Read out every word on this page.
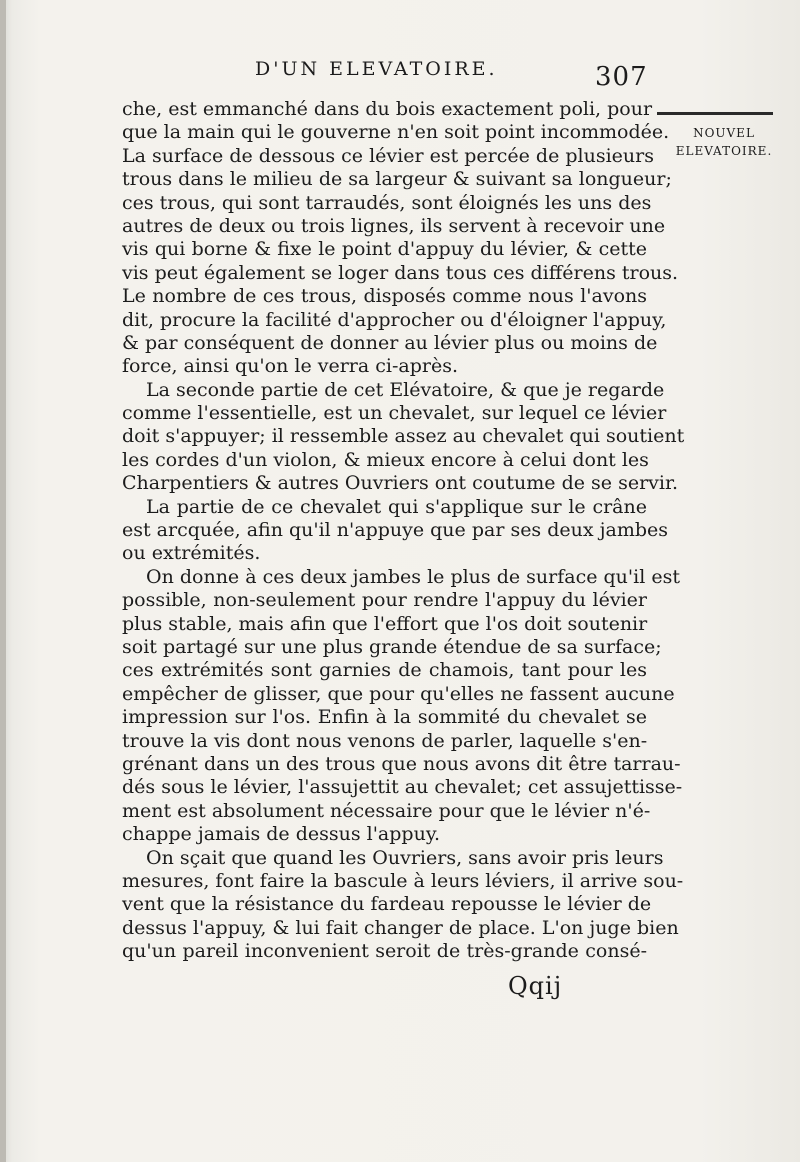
D'UN ELEVATOIRE.	307
NOUVEL
ELEVATOIRE.
che, est emmanché dans du bois exactement poli, pour
que la main qui le gouverne n'en soit point incommodée.
La surface de dessous ce lévier est percée de plusieurs
trous dans le milieu de sa largeur & suivant sa longueur;
ces trous, qui sont tarraudés, sont éloignés les uns des
autres de deux ou trois lignes, ils servent à recevoir une
vis qui borne & fixe le point d'appuy du lévier, & cette
vis peut également se loger dans tous ces différens trous.
Le nombre de ces trous, disposés comme nous l'avons
dit, procure la facilité d'approcher ou d'éloigner l'appuy,
& par conséquent de donner au lévier plus ou moins de
force, ainsi qu'on le verra ci-après.
La seconde partie de cet Elévatoire, & que je regarde
comme l'essentielle, est un chevalet, sur lequel ce lévier
doit s'appuyer; il ressemble assez au chevalet qui soutient
les cordes d'un violon, & mieux encore à celui dont les
Charpentiers & autres Ouvriers ont coutume de se servir.
La partie de ce chevalet qui s'applique sur le crâne
est arcquée, afin qu'il n'appuye que par ses deux jambes
ou extrémités.
On donne à ces deux jambes le plus de surface qu'il est
possible, non-seulement pour rendre l'appuy du lévier
plus stable, mais afin que l'effort que l'os doit soutenir
soit partagé sur une plus grande étendue de sa surface;
ces extrémités sont garnies de chamois, tant pour les
empêcher de glisser, que pour qu'elles ne fassent aucune
impression sur l'os. Enfin à la sommité du chevalet se
trouve la vis dont nous venons de parler, laquelle s'en-
grénant dans un des trous que nous avons dit être tarrau-
dés sous le lévier, l'assujettit au chevalet; cet assujettisse-
ment est absolument nécessaire pour que le lévier n'é-
chappe jamais de dessus l'appuy.
On sçait que quand les Ouvriers, sans avoir pris leurs
mesures, font faire la bascule à leurs léviers, il arrive sou-
vent que la résistance du fardeau repousse le lévier de
dessus l'appuy, & lui fait changer de place. L'on juge bien
qu'un pareil inconvenient seroit de très-grande consé-
Qqij
